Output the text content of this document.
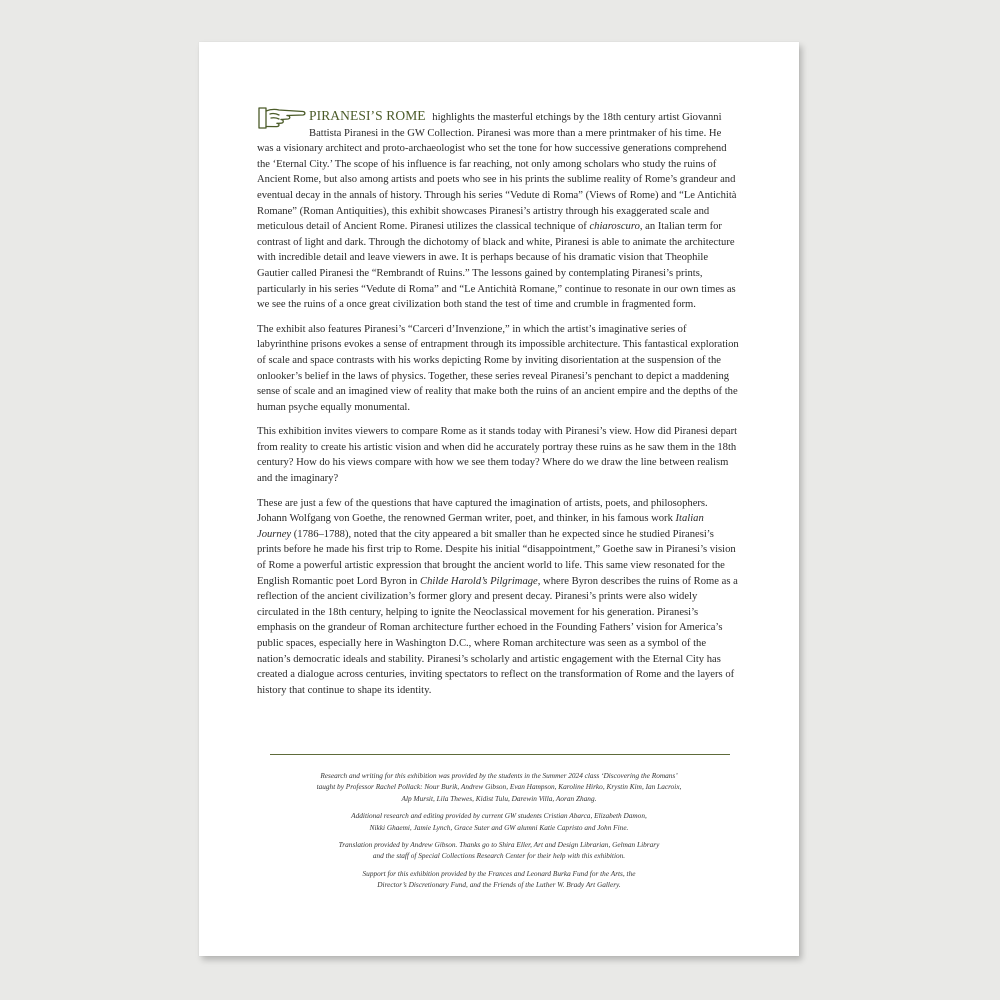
PIRANESI’S ROME highlights the masterful etchings by the 18th century artist Giovanni Battista Piranesi in the GW Collection. Piranesi was more than a mere printmaker of his time. He was a visionary architect and proto-archaeologist who set the tone for how successive generations comprehend the ‘Eternal City.’ The scope of his influence is far reaching, not only among scholars who study the ruins of Ancient Rome, but also among artists and poets who see in his prints the sublime reality of Rome’s grandeur and eventual decay in the annals of history. Through his series “Vedute di Roma” (Views of Rome) and “Le Antichità Romane” (Roman Antiquities), this exhibit showcases Piranesi’s artistry through his exaggerated scale and meticulous detail of Ancient Rome. Piranesi utilizes the classical technique of chiaroscuro, an Italian term for contrast of light and dark. Through the dichotomy of black and white, Piranesi is able to animate the architecture with incredible detail and leave viewers in awe. It is perhaps because of his dramatic vision that Theophile Gautier called Piranesi the “Rembrandt of Ruins.” The lessons gained by contemplating Piranesi’s prints, particularly in his series “Vedute di Roma” and “Le Antichità Romane,” continue to resonate in our own times as we see the ruins of a once great civilization both stand the test of time and crumble in fragmented form.

The exhibit also features Piranesi’s “Carceri d’Invenzione,” in which the artist’s imaginative series of labyrinthine prisons evokes a sense of entrapment through its impossible architecture. This fantastical exploration of scale and space contrasts with his works depicting Rome by inviting disorientation at the suspension of the onlooker’s belief in the laws of physics. Together, these series reveal Piranesi’s penchant to depict a maddening sense of scale and an imagined view of reality that make both the ruins of an ancient empire and the depths of the human psyche equally monumental.

This exhibition invites viewers to compare Rome as it stands today with Piranesi’s view. How did Piranesi depart from reality to create his artistic vision and when did he accurately portray these ruins as he saw them in the 18th century? How do his views compare with how we see them today? Where do we draw the line between realism and the imaginary?

These are just a few of the questions that have captured the imagination of artists, poets, and philosophers. Johann Wolfgang von Goethe, the renowned German writer, poet, and thinker, in his famous work Italian Journey (1786–1788), noted that the city appeared a bit smaller than he expected since he studied Piranesi’s prints before he made his first trip to Rome. Despite his initial “disappointment,” Goethe saw in Piranesi’s vision of Rome a powerful artistic expression that brought the ancient world to life. This same view resonated for the English Romantic poet Lord Byron in Childe Harold’s Pilgrimage, where Byron describes the ruins of Rome as a reflection of the ancient civilization’s former glory and present decay. Piranesi’s prints were also widely circulated in the 18th century, helping to ignite the Neoclassical movement for his generation. Piranesi’s emphasis on the grandeur of Roman architecture further echoed in the Founding Fathers’ vision for America’s public spaces, especially here in Washington D.C., where Roman architecture was seen as a symbol of the nation’s democratic ideals and stability. Piranesi’s scholarly and artistic engagement with the Eternal City has created a dialogue across centuries, inviting spectators to reflect on the transformation of Rome and the layers of history that continue to shape its identity.

Research and writing for this exhibition was provided by the students in the Summer 2024 class ‘Discovering the Romans’
taught by Professor Rachel Pollack: Nour Burik, Andrew Gibson, Evan Hampson, Karoline Hirko, Krystin Kim, Ian Lacroix,
Alp Mursit, Lila Thewes, Kidist Tulu, Darewin Villa, Aoran Zhang.
Additional research and editing provided by current GW students Cristian Abarca, Elizabeth Damon,
Nikki Ghaemi, Jamie Lynch, Grace Suter and GW alumni Katie Capristo and John Fine.
Translation provided by Andrew Gibson. Thanks go to Shira Eller, Art and Design Librarian, Gelman Library
and the staff of Special Collections Research Center for their help with this exhibition.
Support for this exhibition provided by the Frances and Leonard Burka Fund for the Arts, the
Director’s Discretionary Fund, and the Friends of the Luther W. Brady Art Gallery.
